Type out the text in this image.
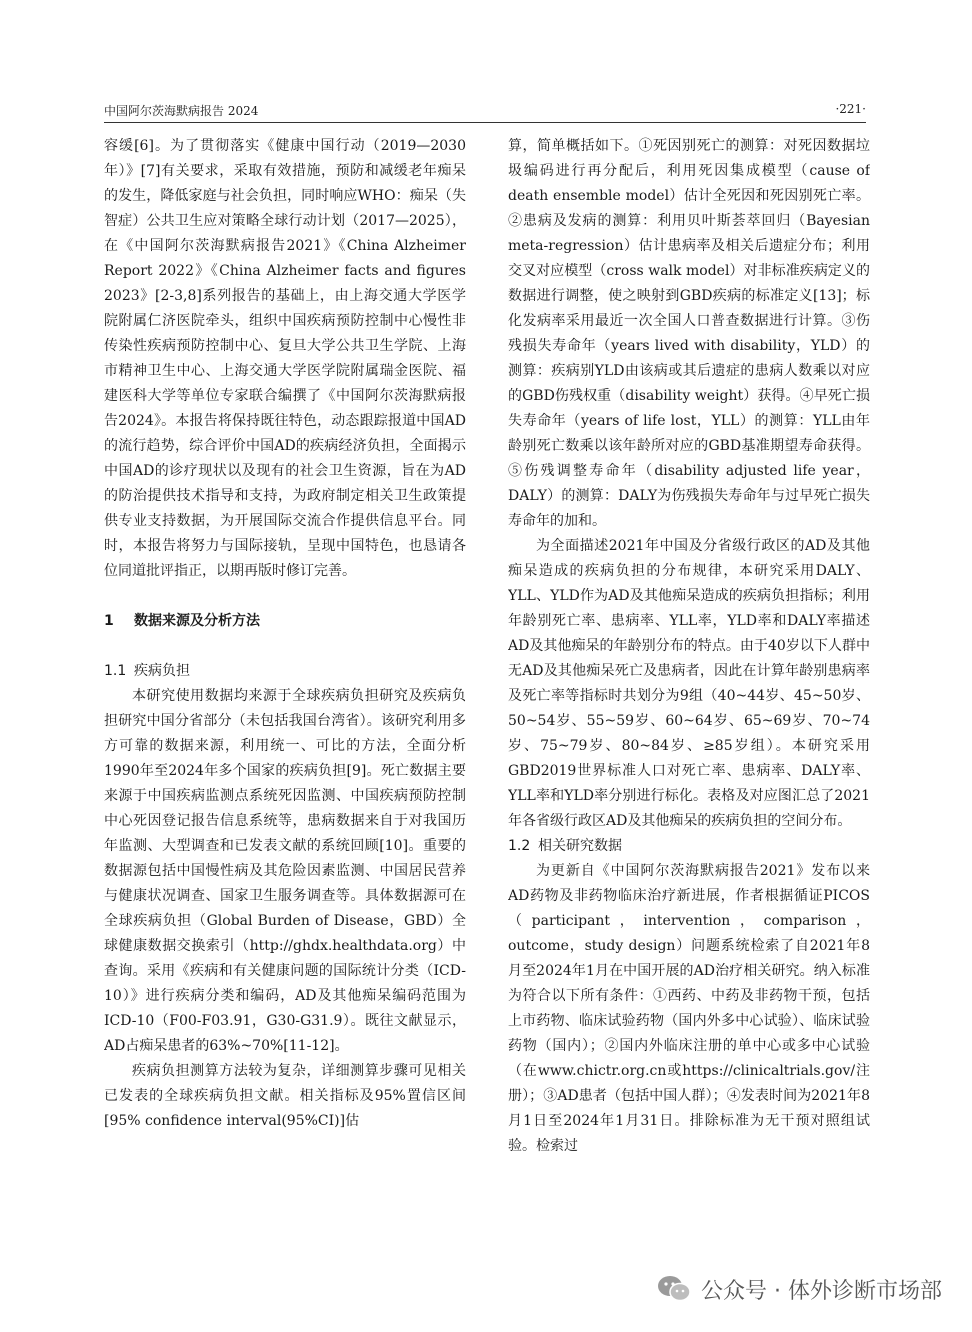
中国阿尔茨海默病报告 2024	·221·

容缓[6]。为了贯彻落实《健康中国行动（2019—2030年）》[7]有关要求，采取有效措施，预防和减缓老年痴呆的发生，降低家庭与社会负担，同时响应WHO：痴呆（失智症）公共卫生应对策略全球行动计划（2017—2025），在《中国阿尔茨海默病报告2021》《China Alzheimer Report 2022》《China Alzheimer facts and figures 2023》[2-3,8]系列报告的基础上，由上海交通大学医学院附属仁济医院牵头，组织中国疾病预防控制中心慢性非传染性疾病预防控制中心、复旦大学公共卫生学院、上海市精神卫生中心、上海交通大学医学院附属瑞金医院、福建医科大学等单位专家联合编撰了《中国阿尔茨海默病报告2024》。本报告将保持既往特色，动态跟踪报道中国AD的流行趋势，综合评价中国AD的疾病经济负担，全面揭示中国AD的诊疗现状以及现有的社会卫生资源，旨在为AD的防治提供技术指导和支持，为政府制定相关卫生政策提供专业支持数据，为开展国际交流合作提供信息平台。同时，本报告将努力与国际接轨，呈现中国特色，也恳请各位同道批评指正，以期再版时修订完善。

1 数据来源及分析方法

1.1 疾病负担

本研究使用数据均来源于全球疾病负担研究及疾病负担研究中国分省部分（未包括我国台湾省）。该研究利用多方可靠的数据来源，利用统一、可比的方法，全面分析1990年至2024年多个国家的疾病负担[9]。死亡数据主要来源于中国疾病监测点系统死因监测、中国疾病预防控制中心死因登记报告信息系统等，患病数据来自于对我国历年监测、大型调查和已发表文献的系统回顾[10]。重要的数据源包括中国慢性病及其危险因素监测、中国居民营养与健康状况调查、国家卫生服务调查等。具体数据源可在全球疾病负担（Global Burden of Disease，GBD）全球健康数据交换索引（http://ghdx.healthdata.org）中查询。采用《疾病和有关健康问题的国际统计分类（ICD-10）》进行疾病分类和编码，AD及其他痴呆编码范围为ICD-10（F00-F03.91，G30-G31.9）。既往文献显示，AD占痴呆患者的63%~70%[11-12]。

疾病负担测算方法较为复杂，详细测算步骤可见相关已发表的全球疾病负担文献。相关指标及95%置信区间[95% confidence interval(95%CI)]估

算，简单概括如下。①死因别死亡的测算：对死因数据垃圾编码进行再分配后，利用死因集成模型（cause of death ensemble model）估计全死因和死因别死亡率。②患病及发病的测算：利用贝叶斯荟萃回归（Bayesian meta-regression）估计患病率及相关后遗症分布；利用交叉对应模型（cross walk model）对非标准疾病定义的数据进行调整，使之映射到GBD疾病的标准定义[13]；标化发病率采用最近一次全国人口普查数据进行计算。③伤残损失寿命年（years lived with disability，YLD）的测算：疾病别YLD由该病或其后遗症的患病人数乘以对应的GBD伤残权重（disability weight）获得。④早死亡损失寿命年（years of life lost，YLL）的测算：YLL由年龄别死亡数乘以该年龄所对应的GBD基准期望寿命获得。⑤伤残调整寿命年（disability adjusted life year，DALY）的测算：DALY为伤残损失寿命年与过早死亡损失寿命年的加和。

为全面描述2021年中国及分省级行政区的AD及其他痴呆造成的疾病负担的分布规律，本研究采用DALY、YLL、YLD作为AD及其他痴呆造成的疾病负担指标；利用年龄别死亡率、患病率、YLL率，YLD率和DALY率描述AD及其他痴呆的年龄别分布的特点。由于40岁以下人群中无AD及其他痴呆死亡及患病者，因此在计算年龄别患病率及死亡率等指标时共划分为9组（40~44岁、45~50岁、50~54岁、55~59岁、60~64岁、65~69岁、70~74岁、75~79岁、80~84岁、≥85岁组）。本研究采用GBD2019世界标准人口对死亡率、患病率、DALY率、YLL率和YLD率分别进行标化。表格及对应图汇总了2021年各省级行政区AD及其他痴呆的疾病负担的空间分布。

1.2 相关研究数据

为更新自《中国阿尔茨海默病报告2021》发布以来AD药物及非药物临床治疗新进展，作者根据循证PICOS（participant，intervention，comparison，outcome，study design）问题系统检索了自2021年8月至2024年1月在中国开展的AD治疗相关研究。纳入标准为符合以下所有条件：①西药、中药及非药物干预，包括上市药物、临床试验药物（国内外多中心试验）、临床试验药物（国内）；②国内外临床注册的单中心或多中心试验（在www.chictr.org.cn或https://clinicaltrials.gov/注册）；③AD患者（包括中国人群）；④发表时间为2021年8月1日至2024年1月31日。排除标准为无干预对照组试验。检索过

公众号 · 体外诊断市场部
